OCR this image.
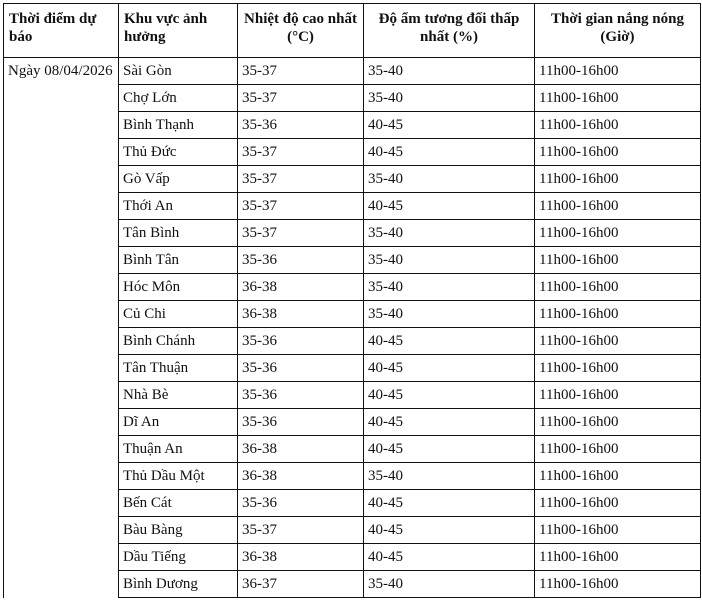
Thời điểm dự báo	Khu vực ảnh hưởng	Nhiệt độ cao nhất (°C)	Độ ẩm tương đối thấp nhất (%)	Thời gian nắng nóng (Giờ)
Ngày 08/04/2026	Sài Gòn	35-37	35-40	11h00-16h00
	Chợ Lớn	35-37	35-40	11h00-16h00
	Bình Thạnh	35-36	40-45	11h00-16h00
	Thủ Đức	35-37	40-45	11h00-16h00
	Gò Vấp	35-37	35-40	11h00-16h00
	Thới An	35-37	40-45	11h00-16h00
	Tân Bình	35-37	35-40	11h00-16h00
	Bình Tân	35-36	35-40	11h00-16h00
	Hóc Môn	36-38	35-40	11h00-16h00
	Củ Chi	36-38	35-40	11h00-16h00
	Bình Chánh	35-36	40-45	11h00-16h00
	Tân Thuận	35-36	40-45	11h00-16h00
	Nhà Bè	35-36	40-45	11h00-16h00
	Dĩ An	35-36	40-45	11h00-16h00
	Thuận An	36-38	40-45	11h00-16h00
	Thủ Dầu Một	36-38	35-40	11h00-16h00
	Bến Cát	35-36	40-45	11h00-16h00
	Bàu Bàng	35-37	40-45	11h00-16h00
	Dầu Tiếng	36-38	40-45	11h00-16h00
	Bình Dương	36-37	35-40	11h00-16h00
